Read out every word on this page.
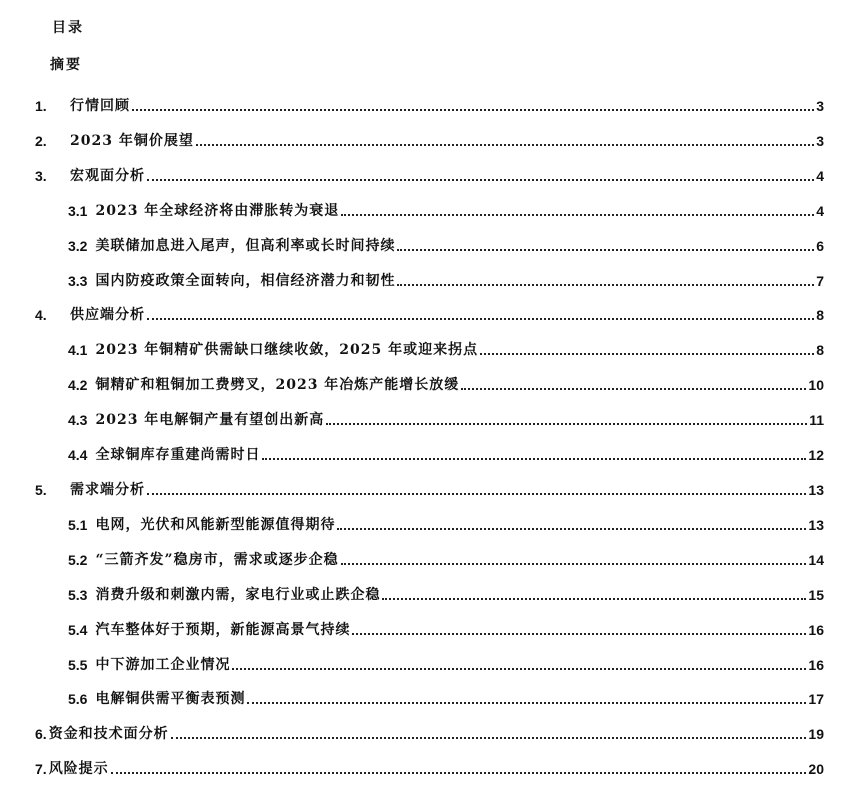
目录
摘要
1.	行情回顾	3
2.	2023 年铜价展望	3
3.	宏观面分析	4
3.1 2023 年全球经济将由滞胀转为衰退	4
3.2 美联储加息进入尾声，但高利率或长时间持续	6
3.3 国内防疫政策全面转向，相信经济潜力和韧性	7
4.	供应端分析	8
4.1 2023 年铜精矿供需缺口继续收敛，2025 年或迎来拐点	8
4.2 铜精矿和粗铜加工费劈叉，2023 年冶炼产能增长放缓	10
4.3 2023 年电解铜产量有望创出新高	11
4.4 全球铜库存重建尚需时日	12
5.	需求端分析	13
5.1 电网，光伏和风能新型能源值得期待	13
5.2 “三箭齐发”稳房市，需求或逐步企稳	14
5.3 消费升级和刺激内需，家电行业或止跌企稳	15
5.4 汽车整体好于预期，新能源高景气持续	16
5.5 中下游加工企业情况	16
5.6 电解铜供需平衡表预测	17
6. 资金和技术面分析	19
7. 风险提示	20
